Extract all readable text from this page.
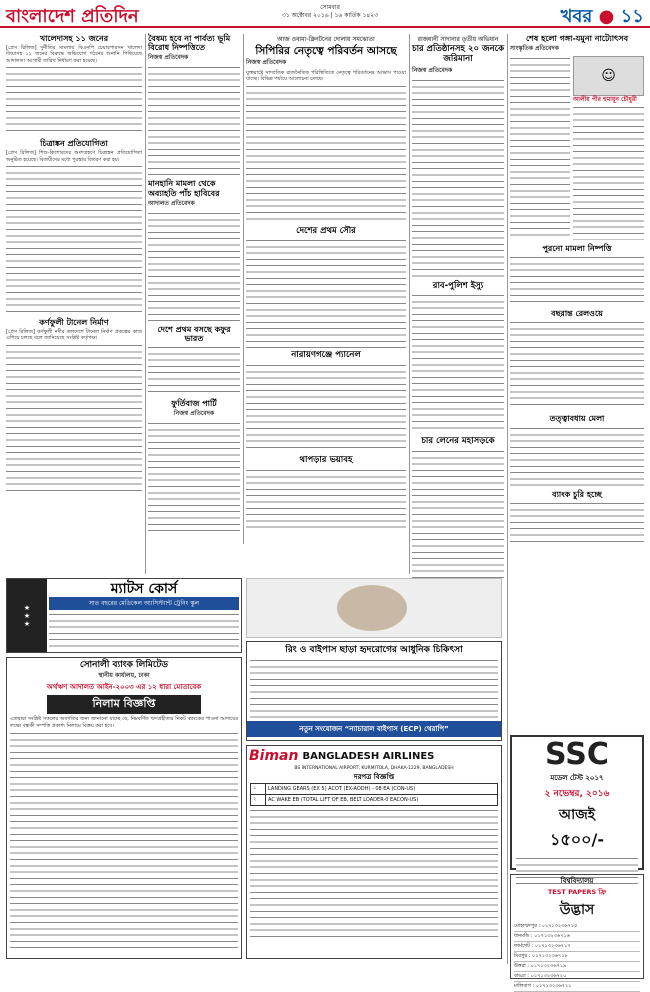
বাংলাদেশ প্রতিদিন	সোমবার
৩১ অক্টোবর ২০১৬ | ১৬ কার্তিক ১৪২৩	খবর ● ১১
খালেদাসহ ১১ জনের
[প্রেস রিলিজ] দুর্নীতির মামলায় বিএনপি চেয়ারপারসন খালেদা জিয়াসহ ১১ জনের বিরুদ্ধে অভিযোগ গঠনের শুনানি পিছিয়েছে আদালত। আগামী তারিখ নির্ধারণ করা হয়েছে।
চিত্রাঙ্কন প্রতিযোগিতা
[প্রেস রিলিজ] শিশু-কিশোরদের অংশগ্রহণে চিত্রাঙ্কন প্রতিযোগিতা অনুষ্ঠিত হয়েছে। বিজয়ীদের মধ্যে পুরস্কার বিতরণ করা হয়।
কর্ণফুলী টানেল নির্মাণ
[প্রেস রিলিজ] কর্ণফুলী নদীর তলদেশে টানেল নির্মাণ প্রকল্পের কাজ এগিয়ে চলছে বলে জানিয়েছে সংশ্লিষ্ট কর্তৃপক্ষ।
বৈষম্য হবে না পার্বত্য ভূমি বিরোধ নিষ্পত্তিতে
নিজস্ব প্রতিবেদক
মানহানি মামলা থেকে অব্যাহতি পাঁচ হাবিবের
আদালত প্রতিবেদক
দেশে প্রথম বসছে কফুর ভারত
ফুর্তিবাজ পার্টি
নিজস্ব প্রতিবেদক
আজ ওবামা-ক্লিনটনের দোলায় সমঝোতা
সিপিরির নেতৃত্বে পরিবর্তন আসছে
নিজস্ব প্রতিবেদক
যুক্তরাষ্ট্রে সাম্প্রতিক রাজনৈতিক পরিস্থিতিতে নেতৃত্বে পরিবর্তনের আভাস পাওয়া যাচ্ছে। বিভিন্ন পর্যায়ে আলোচনা চলছে।
দেশের প্রথম সৌর
নারায়ণগঞ্জে প্যানেল
থাপড়ার ভয়াবহ
রাজধানী সাদানার তৃতীয় অভিযান
চার প্রতিষ্ঠানসহ ২০ জনকে জরিমানা
নিজস্ব প্রতিবেদক
রাব-পুলিশ ইস্যু
চার লেনের মহাসড়কে
শেষ হলো গঙ্গা-যমুনা নাট্যোৎসব
সাংস্কৃতিক প্রতিবেদক
☺
আলীয় পীর হুমায়ূন চৌধুরী
পুরনো মামলা নিষ্পত্তি
বছরান্ত রেলওয়ে
তত্ত্বাবধায় মেলা
ব্যাংক চুরি হচ্ছে
★★★
ম্যাটস কোর্স
সাত বছরের মেডিকেল অ্যাসিস্ট্যান্ট ট্রেনিং স্কুল
সোনালী ব্যাংক লিমিটেড
স্থানীয় কার্যালয়, ঢাকা
অর্থঋণ আদালত আইন-২০০৩ এর ১২ ধারা মোতাবেক
নিলাম বিজ্ঞপ্তি
এতদ্বারা সংশ্লিষ্ট সকলের অবগতির জন্য জানানো যাচ্ছে যে, নিম্নবর্ণিত ঋণগ্রহীতার নিকট ব্যাংকের পাওনা আদায়ের লক্ষ্যে বন্ধকী সম্পত্তি প্রকাশ্য নিলামে বিক্রয় করা হবে।
রিং ও বাইপাস ছাড়া হৃদরোগের আধুনিক চিকিৎসা
নতুন সংযোজন “ন্যাচারাল বাইপাস (ECP) থেরাপি”
Biman BANGLADESH AIRLINES
BS INTERNATIONAL AIRPORT, KURMITOLA, DHAKA-1229, BANGLADESH
দরপত্র বিজ্ঞপ্তি
১	LANDING GEARS (EX 5) ACOT (EX-AODH) - 08 EA (CON-US)
২	AC WAKE EB (TOTAL LIFT OF EB, BELT LOADER-0 EACON-US)
SSC
মডেল টেস্ট ২০১৭
২ নভেম্বর, ২০১৬
আজই
১৫০০/-
বিশ্ববিদ্যালয়
TEST PAPERS ফ্রি
উদ্ভাস
মোহাম্মদপুর : ০১৭১৩২৩৬৭১৫
ধানমন্ডি : ০১৭১৩২৩৬৭১৬
ফার্মগেট : ০১৭১৩২৩৬৭১৭
মিরপুর : ০১৭১৩২৩৬৭১৮
উত্তরা : ০১৭১৩২৩৬৭১৯
বাড্ডা : ০১৭১৩২৩৬৭২০
মালিবাগ : ০১৭১৩২৩৬৭২১
